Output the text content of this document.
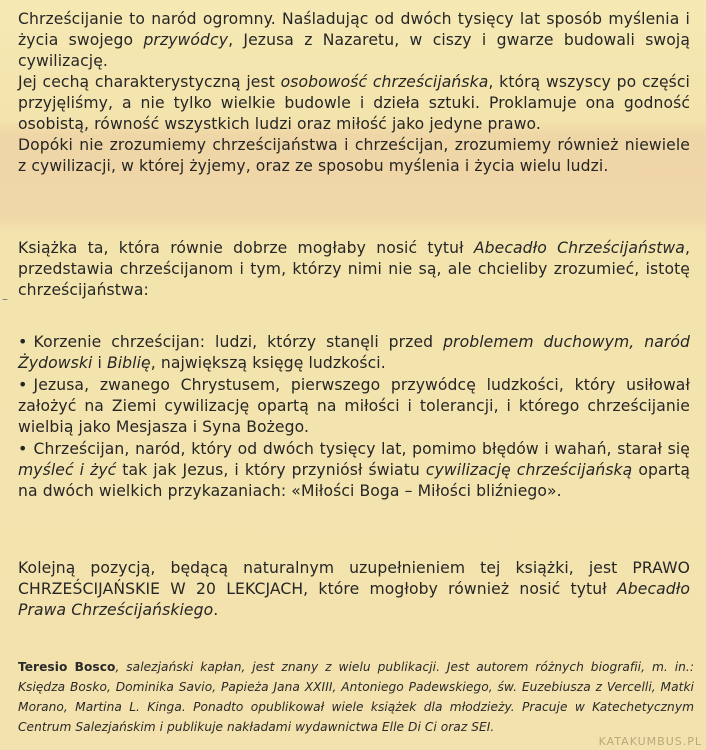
Chrześcijanie to naród ogromny. Naśladując od dwóch tysięcy lat sposób myślenia i życia swojego przywódcy, Jezusa z Nazaretu, w ciszy i gwarze budowali swoją cywilizację.

Jej cechą charakterystyczną jest osobowość chrześcijańska, którą wszyscy po części przyjęliśmy, a nie tylko wielkie budowle i dzieła sztuki. Proklamuje ona godność osobistą, równość wszystkich ludzi oraz miłość jako jedyne prawo.

Dopóki nie zrozumiemy chrześcijaństwa i chrześcijan, zrozumiemy również niewiele z cywilizacji, w której żyjemy, oraz ze sposobu myślenia i życia wielu ludzi.

Książka ta, która równie dobrze mogłaby nosić tytuł Abecadło Chrześcijaństwa, przedstawia chrześcijanom i tym, którzy nimi nie są, ale chcieliby zrozumieć, istotę chrześcijaństwa:

–

• Korzenie chrześcijan: ludzi, którzy stanęli przed problemem duchowym, naród Żydowski i Biblię, największą księgę ludzkości.

• Jezusa, zwanego Chrystusem, pierwszego przywódcę ludzkości, który usiłował założyć na Ziemi cywilizację opartą na miłości i tolerancji, i którego chrześcijanie wielbią jako Mesjasza i Syna Bożego.

• Chrześcijan, naród, który od dwóch tysięcy lat, pomimo błędów i wahań, starał się myśleć i żyć tak jak Jezus, i który przyniósł światu cywilizację chrześcijańską opartą na dwóch wielkich przykazaniach: «Miłości Boga – Miłości bliźniego».

Kolejną pozycją, będącą naturalnym uzupełnieniem tej książki, jest PRAWO CHRZEŚCIJAŃSKIE W 20 LEKCJACH, które mogłoby również nosić tytuł Abecadło Prawa Chrześcijańskiego.

Teresio Bosco, salezjański kapłan, jest znany z wielu publikacji. Jest autorem różnych biografii, m. in.: Księdza Bosko, Dominika Savio, Papieża Jana XXIII, Antoniego Padewskiego, św. Euzebiusza z Vercelli, Matki Morano, Martina L. Kinga. Ponadto opublikował wiele książek dla młodzieży. Pracuje w Katechetycznym Centrum Salezjańskim i publikuje nakładami wydawnictwa Elle Di Ci oraz SEI.
KATAKUMBUS.PL
